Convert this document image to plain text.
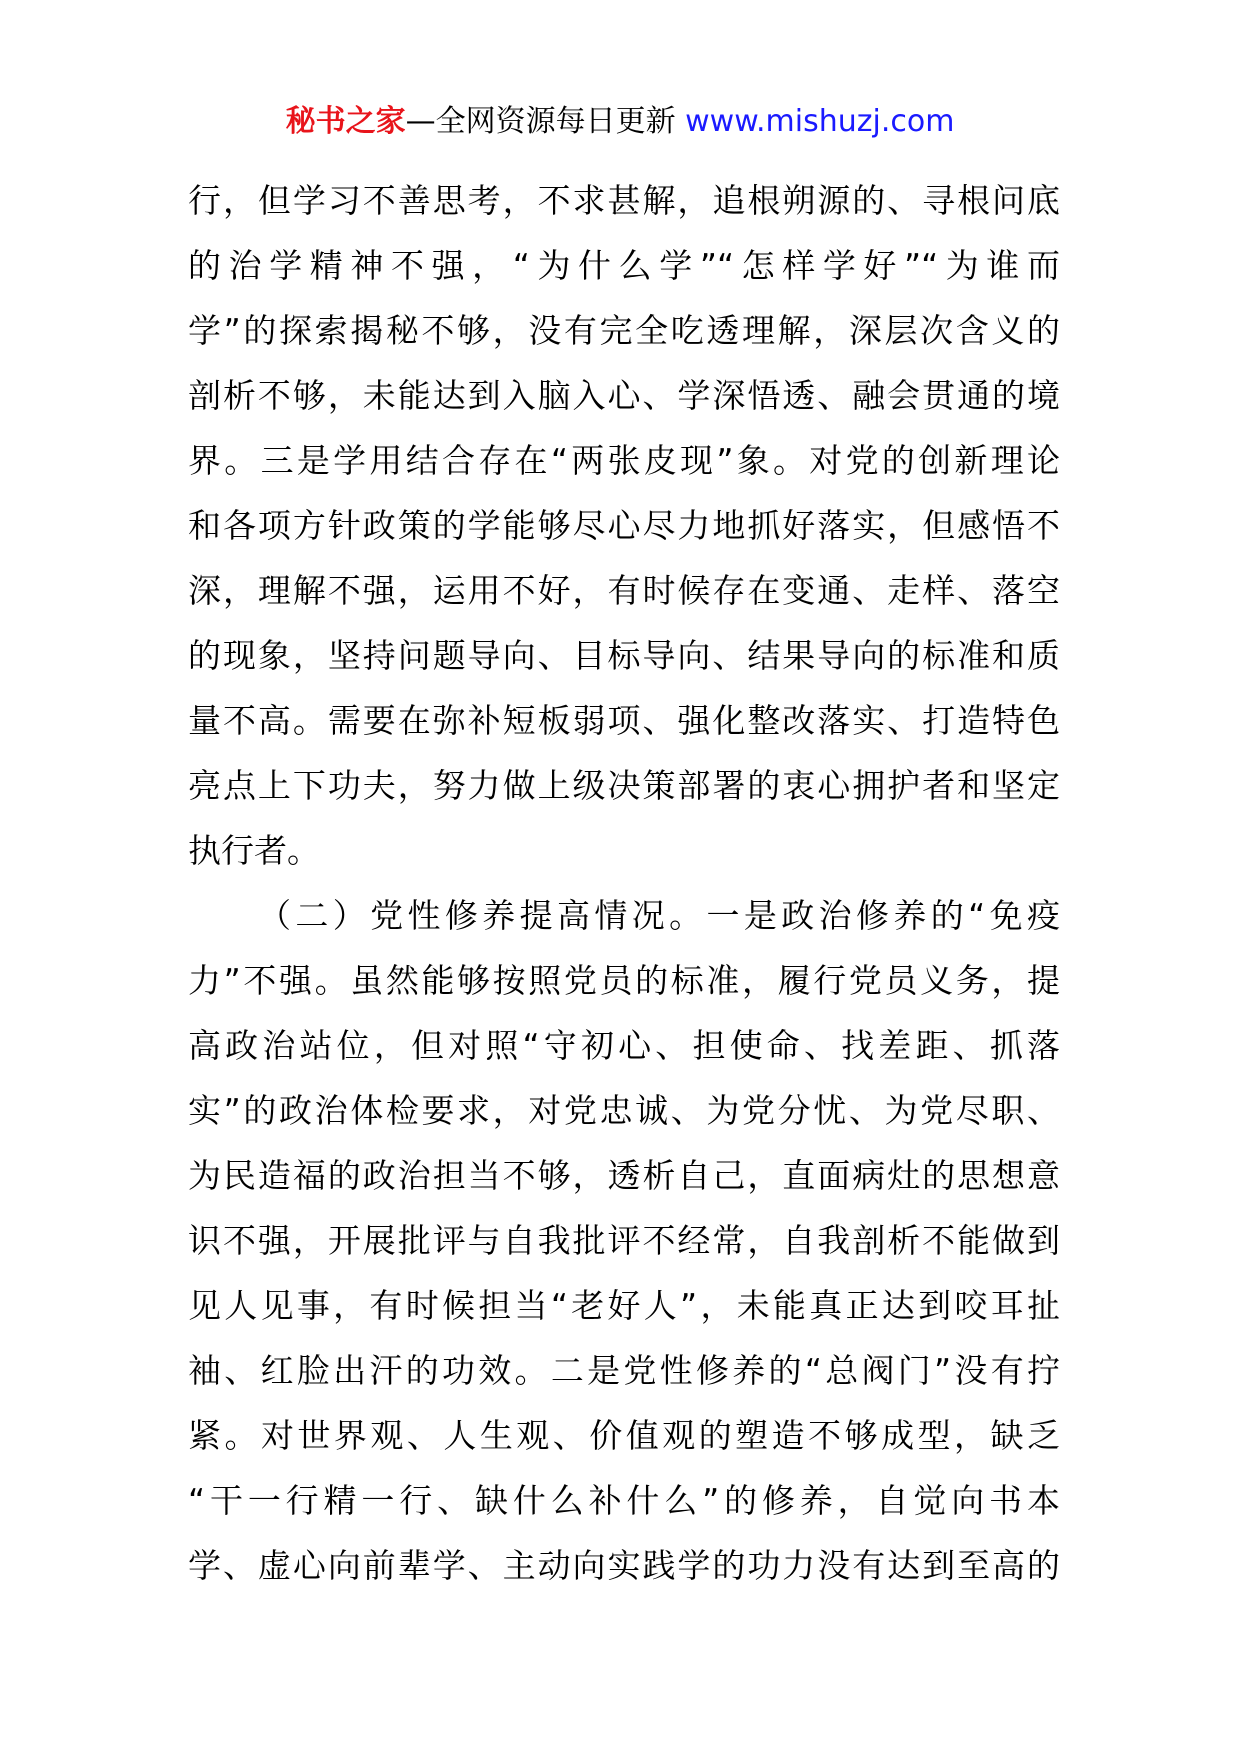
秘书之家—全网资源每日更新 www.mishuzj.com
行，但学习不善思考，不求甚解，追根朔源的、寻根问底
的治学精神不强，“为什么学”“怎样学好”“为谁而
学”的探索揭秘不够，没有完全吃透理解，深层次含义的
剖析不够，未能达到入脑入心、学深悟透、融会贯通的境
界。三是学用结合存在“两张皮现”象。对党的创新理论
和各项方针政策的学能够尽心尽力地抓好落实，但感悟不
深，理解不强，运用不好，有时候存在变通、走样、落空
的现象，坚持问题导向、目标导向、结果导向的标准和质
量不高。需要在弥补短板弱项、强化整改落实、打造特色
亮点上下功夫，努力做上级决策部署的衷心拥护者和坚定
执行者。
（二）党性修养提高情况。一是政治修养的“免疫
力”不强。虽然能够按照党员的标准，履行党员义务，提
高政治站位，但对照“守初心、担使命、找差距、抓落
实”的政治体检要求，对党忠诚、为党分忧、为党尽职、
为民造福的政治担当不够，透析自己，直面病灶的思想意
识不强，开展批评与自我批评不经常，自我剖析不能做到
见人见事，有时候担当“老好人”，未能真正达到咬耳扯
袖、红脸出汗的功效。二是党性修养的“总阀门”没有拧
紧。对世界观、人生观、价值观的塑造不够成型，缺乏
“干一行精一行、缺什么补什么”的修养，自觉向书本
学、虚心向前辈学、主动向实践学的功力没有达到至高的
